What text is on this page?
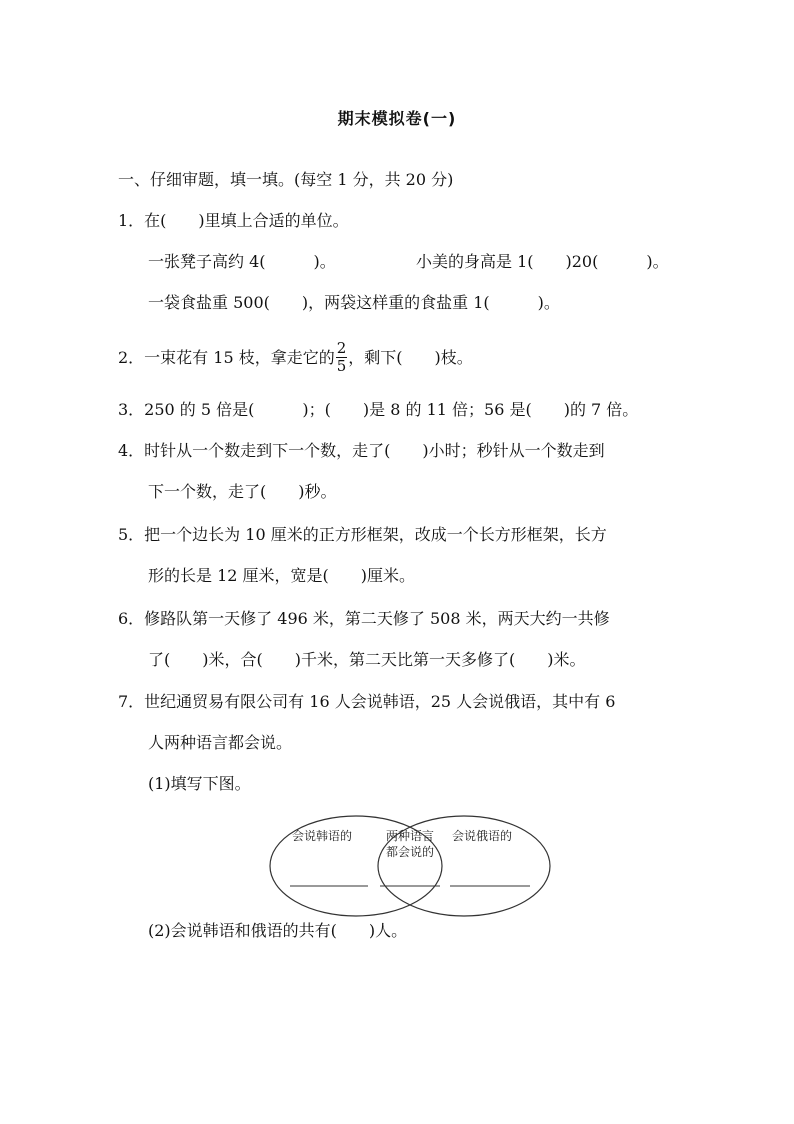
期末模拟卷(一)
一、仔细审题，填一填。(每空 1 分，共 20 分)
1．在(　　)里填上合适的单位。
一张凳子高约 4(　　　)。	小美的身高是 1(　　)20(　　　)。
一袋食盐重 500(　　)，两袋这样重的食盐重 1(　　　)。
2．一束花有 15 枝，拿走它的 $\frac{2}{5}$ ，剩下(　　)枝。
3．250 的 5 倍是(　　　)；(　　)是 8 的 11 倍；56 是(　　)的 7 倍。
4．时针从一个数走到下一个数，走了(　　)小时；秒针从一个数走到
下一个数，走了(　　)秒。
5．把一个边长为 10 厘米的正方形框架，改成一个长方形框架，长方
形的长是 12 厘米，宽是(　　)厘米。
6．修路队第一天修了 496 米，第二天修了 508 米，两天大约一共修
了(　　)米，合(　　)千米，第二天比第一天多修了(　　)米。
7．世纪通贸易有限公司有 16 人会说韩语，25 人会说俄语，其中有 6
人两种语言都会说。
(1)填写下图。
会说韩语的	两种语言
都会说的
会说俄语的
(2)会说韩语和俄语的共有(　　)人。
